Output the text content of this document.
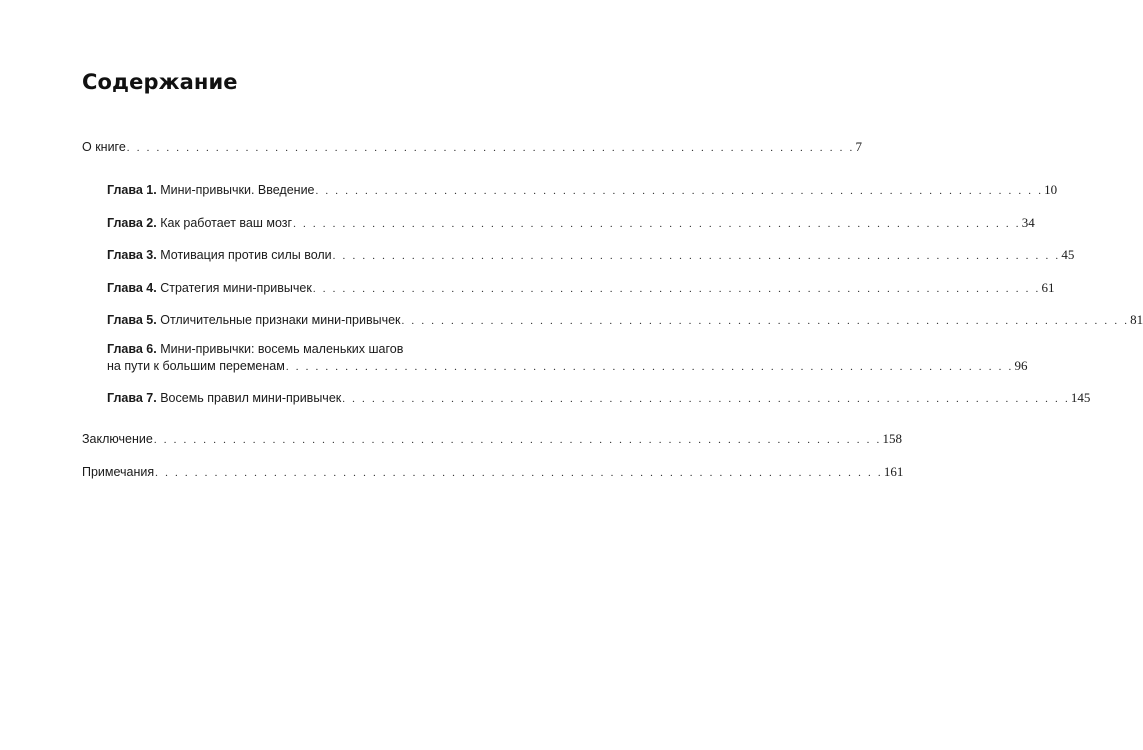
Содержание
О книге . . . . . . . . . . . . . . . . . . . . . . . . . . . . . . . . . . . . . . . . . . . . . . . . . . . . . . . . . . . . . . . . . . . . . . . . . . 7
Глава 1. Мини-привычки. Введение . . . . . . . . . . . . . . . . . . . . . . . . . . . . . . . . . . . . . . . . . . . . . . . . . . . . . . . . . . . . . . . . . . . . . . . . . . 10
Глава 2. Как работает ваш мозг . . . . . . . . . . . . . . . . . . . . . . . . . . . . . . . . . . . . . . . . . . . . . . . . . . . . . . . . . . . . . . . . . . . . . . . . . . 34
Глава 3. Мотивация против силы воли . . . . . . . . . . . . . . . . . . . . . . . . . . . . . . . . . . . . . . . . . . . . . . . . . . . . . . . . . . . . . . . . . . . . . . . . . . 45
Глава 4. Стратегия мини-привычек . . . . . . . . . . . . . . . . . . . . . . . . . . . . . . . . . . . . . . . . . . . . . . . . . . . . . . . . . . . . . . . . . . . . . . . . . . 61
Глава 5. Отличительные признаки мини-привычек . . . . . . . . . . . . . . . . . . . . . . . . . . . . . . . . . . . . . . . . . . . . . . . . . . . . . . . . . . . . . . . . . . . . . . . . . . 81
Глава 6. Мини-привычки: восемь маленьких шагов
на пути к большим переменам . . . . . . . . . . . . . . . . . . . . . . . . . . . . . . . . . . . . . . . . . . . . . . . . . . . . . . . . . . . . . . . . . . . . . . . . . . 96
Глава 7. Восемь правил мини-привычек . . . . . . . . . . . . . . . . . . . . . . . . . . . . . . . . . . . . . . . . . . . . . . . . . . . . . . . . . . . . . . . . . . . . . . . . . . 145
Заключение . . . . . . . . . . . . . . . . . . . . . . . . . . . . . . . . . . . . . . . . . . . . . . . . . . . . . . . . . . . . . . . . . . . . . . . . . . 158
Примечания . . . . . . . . . . . . . . . . . . . . . . . . . . . . . . . . . . . . . . . . . . . . . . . . . . . . . . . . . . . . . . . . . . . . . . . . . . 161
